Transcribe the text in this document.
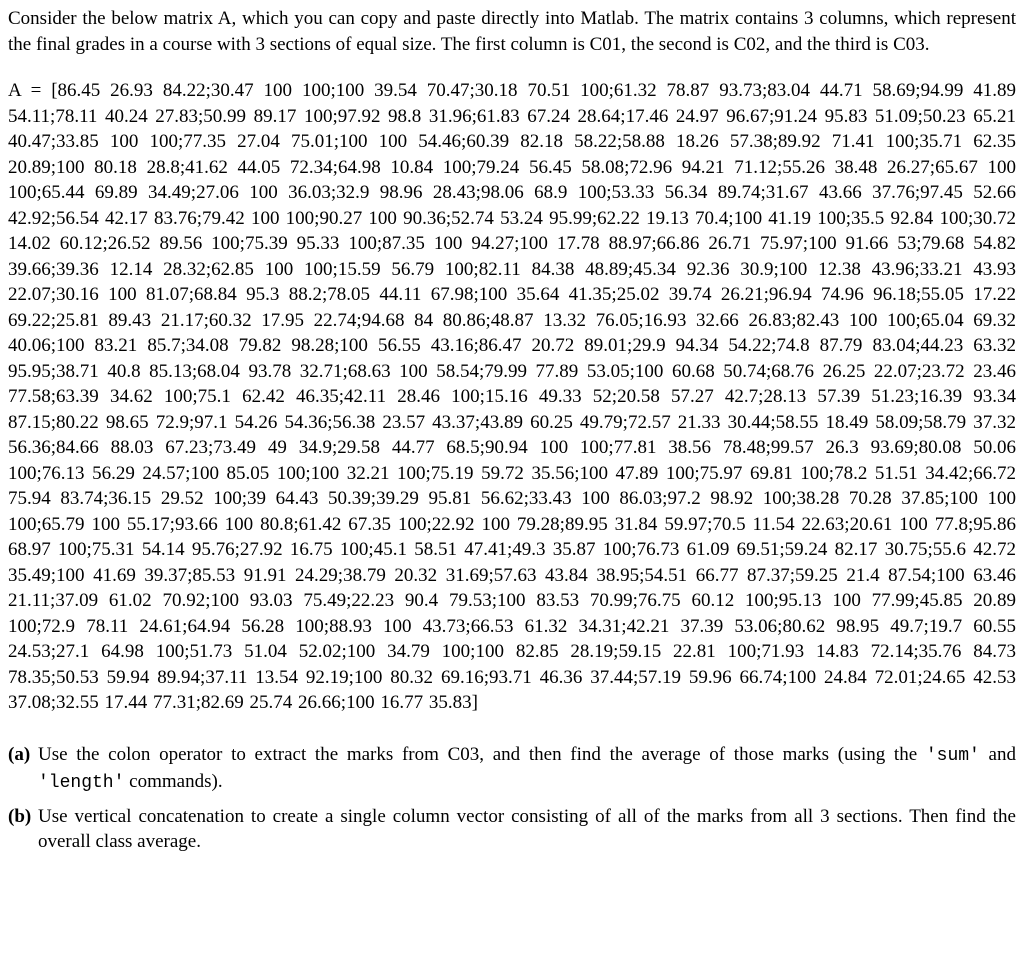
Consider the below matrix A, which you can copy and paste directly into Matlab. The matrix contains 3 columns, which represent the final grades in a course with 3 sections of equal size. The first column is C01, the second is C02, and the third is C03.

A = [86.45 26.93 84.22;30.47 100 100;100 39.54 70.47;30.18 70.51 100;61.32 78.87 93.73;83.04 44.71 58.69;94.99 41.89 54.11;78.11 40.24 27.83;50.99 89.17 100;97.92 98.8 31.96;61.83 67.24 28.64;17.46 24.97 96.67;91.24 95.83 51.09;50.23 65.21 40.47;33.85 100 100;77.35 27.04 75.01;100 100 54.46;60.39 82.18 58.22;58.88 18.26 57.38;89.92 71.41 100;35.71 62.35 20.89;100 80.18 28.8;41.62 44.05 72.34;64.98 10.84 100;79.24 56.45 58.08;72.96 94.21 71.12;55.26 38.48 26.27;65.67 100 100;65.44 69.89 34.49;27.06 100 36.03;32.9 98.96 28.43;98.06 68.9 100;53.33 56.34 89.74;31.67 43.66 37.76;97.45 52.66 42.92;56.54 42.17 83.76;79.42 100 100;90.27 100 90.36;52.74 53.24 95.99;62.22 19.13 70.4;100 41.19 100;35.5 92.84 100;30.72 14.02 60.12;26.52 89.56 100;75.39 95.33 100;87.35 100 94.27;100 17.78 88.97;66.86 26.71 75.97;100 91.66 53;79.68 54.82 39.66;39.36 12.14 28.32;62.85 100 100;15.59 56.79 100;82.11 84.38 48.89;45.34 92.36 30.9;100 12.38 43.96;33.21 43.93 22.07;30.16 100 81.07;68.84 95.3 88.2;78.05 44.11 67.98;100 35.64 41.35;25.02 39.74 26.21;96.94 74.96 96.18;55.05 17.22 69.22;25.81 89.43 21.17;60.32 17.95 22.74;94.68 84 80.86;48.87 13.32 76.05;16.93 32.66 26.83;82.43 100 100;65.04 69.32 40.06;100 83.21 85.7;34.08 79.82 98.28;100 56.55 43.16;86.47 20.72 89.01;29.9 94.34 54.22;74.8 87.79 83.04;44.23 63.32 95.95;38.71 40.8 85.13;68.04 93.78 32.71;68.63 100 58.54;79.99 77.89 53.05;100 60.68 50.74;68.76 26.25 22.07;23.72 23.46 77.58;63.39 34.62 100;75.1 62.42 46.35;42.11 28.46 100;15.16 49.33 52;20.58 57.27 42.7;28.13 57.39 51.23;16.39 93.34 87.15;80.22 98.65 72.9;97.1 54.26 54.36;56.38 23.57 43.37;43.89 60.25 49.79;72.57 21.33 30.44;58.55 18.49 58.09;58.79 37.32 56.36;84.66 88.03 67.23;73.49 49 34.9;29.58 44.77 68.5;90.94 100 100;77.81 38.56 78.48;99.57 26.3 93.69;80.08 50.06 100;76.13 56.29 24.57;100 85.05 100;100 32.21 100;75.19 59.72 35.56;100 47.89 100;75.97 69.81 100;78.2 51.51 34.42;66.72 75.94 83.74;36.15 29.52 100;39 64.43 50.39;39.29 95.81 56.62;33.43 100 86.03;97.2 98.92 100;38.28 70.28 37.85;100 100 100;65.79 100 55.17;93.66 100 80.8;61.42 67.35 100;22.92 100 79.28;89.95 31.84 59.97;70.5 11.54 22.63;20.61 100 77.8;95.86 68.97 100;75.31 54.14 95.76;27.92 16.75 100;45.1 58.51 47.41;49.3 35.87 100;76.73 61.09 69.51;59.24 82.17 30.75;55.6 42.72 35.49;100 41.69 39.37;85.53 91.91 24.29;38.79 20.32 31.69;57.63 43.84 38.95;54.51 66.77 87.37;59.25 21.4 87.54;100 63.46 21.11;37.09 61.02 70.92;100 93.03 75.49;22.23 90.4 79.53;100 83.53 70.99;76.75 60.12 100;95.13 100 77.99;45.85 20.89 100;72.9 78.11 24.61;64.94 56.28 100;88.93 100 43.73;66.53 61.32 34.31;42.21 37.39 53.06;80.62 98.95 49.7;19.7 60.55 24.53;27.1 64.98 100;51.73 51.04 52.02;100 34.79 100;100 82.85 28.19;59.15 22.81 100;71.93 14.83 72.14;35.76 84.73 78.35;50.53 59.94 89.94;37.11 13.54 92.19;100 80.32 69.16;93.71 46.36 37.44;57.19 59.96 66.74;100 24.84 72.01;24.65 42.53 37.08;32.55 17.44 77.31;82.69 25.74 26.66;100 16.77 35.83]

(a) Use the colon operator to extract the marks from C03, and then find the average of those marks (using the 'sum' and 'length' commands).
(b) Use vertical concatenation to create a single column vector consisting of all of the marks from all 3 sections. Then find the overall class average.
